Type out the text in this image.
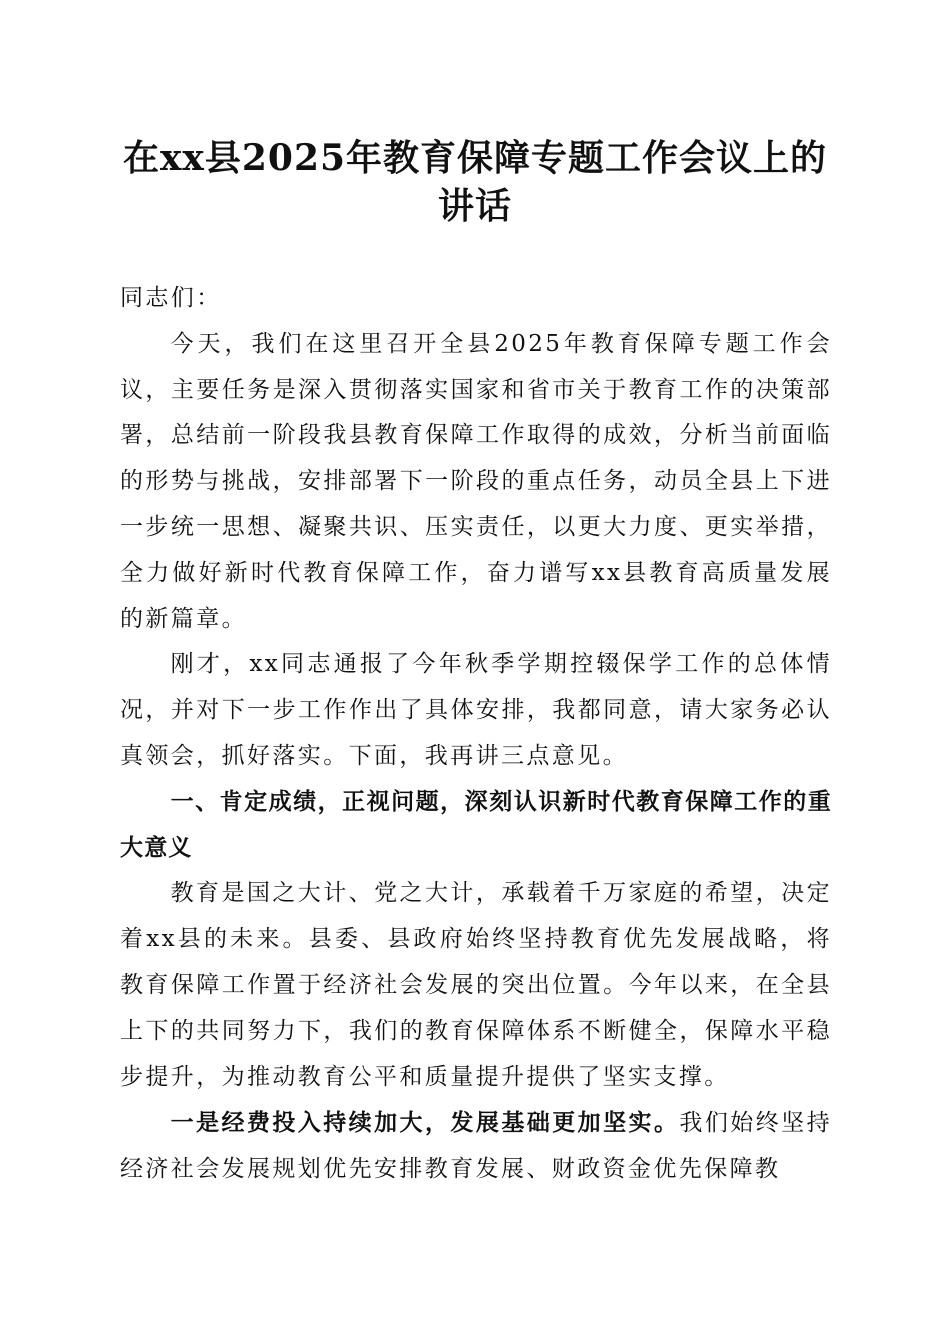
在xx县2025年教育保障专题工作会议上的讲话

同志们：

今天，我们在这里召开全县2025年教育保障专题工作会议，主要任务是深入贯彻落实国家和省市关于教育工作的决策部署，总结前一阶段我县教育保障工作取得的成效，分析当前面临的形势与挑战，安排部署下一阶段的重点任务，动员全县上下进一步统一思想、凝聚共识、压实责任，以更大力度、更实举措，全力做好新时代教育保障工作，奋力谱写xx县教育高质量发展的新篇章。

刚才，xx同志通报了今年秋季学期控辍保学工作的总体情况，并对下一步工作作出了具体安排，我都同意，请大家务必认真领会，抓好落实。下面，我再讲三点意见。

一、肯定成绩，正视问题，深刻认识新时代教育保障工作的重大意义

教育是国之大计、党之大计，承载着千万家庭的希望，决定着xx县的未来。县委、县政府始终坚持教育优先发展战略，将教育保障工作置于经济社会发展的突出位置。今年以来，在全县上下的共同努力下，我们的教育保障体系不断健全，保障水平稳步提升，为推动教育公平和质量提升提供了坚实支撑。

一是经费投入持续加大，发展基础更加坚实。我们始终坚持经济社会发展规划优先安排教育发展、财政资金优先保障教
